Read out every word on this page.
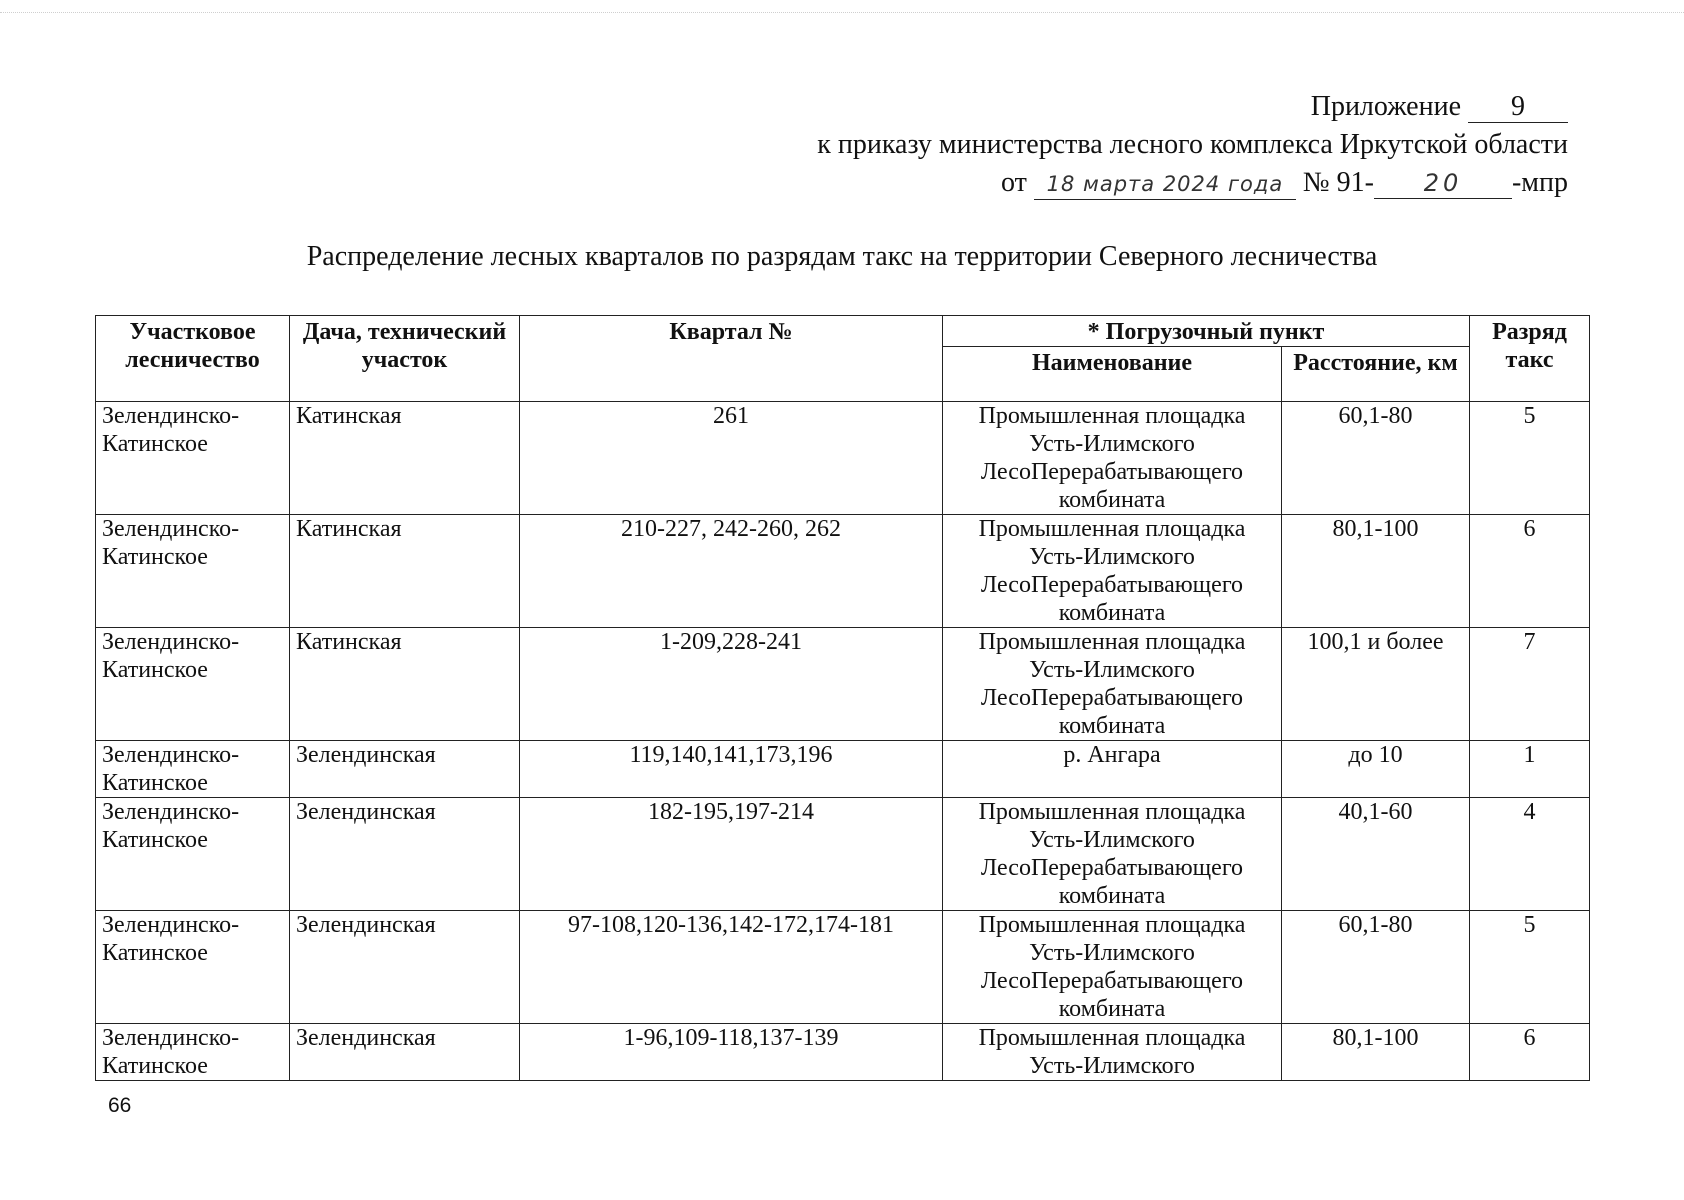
Приложение 9
к приказу министерства лесного комплекса Иркутской области
от 18 марта 2024 года № 91- 20 -мпр
Распределение лесных кварталов по разрядам такс на территории Северного лесничества
Участковое лесничество	Дача, технический участок	Квартал №	* Погрузочный пункт		Разряд такс
			Наименование	Расстояние, км	
Зелендинско-Катинское	Катинская	261	Промышленная площадка Усть-Илимского ЛесоПерерабатывающего комбината	60,1-80	5
Зелендинско-Катинское	Катинская	210-227, 242-260, 262	Промышленная площадка Усть-Илимского ЛесоПерерабатывающего комбината	80,1-100	6
Зелендинско-Катинское	Катинская	1-209,228-241	Промышленная площадка Усть-Илимского ЛесоПерерабатывающего комбината	100,1 и более	7
Зелендинско-Катинское	Зелендинская	119,140,141,173,196	р. Ангара	до 10	1
Зелендинско-Катинское	Зелендинская	182-195,197-214	Промышленная площадка Усть-Илимского ЛесоПерерабатывающего комбината	40,1-60	4
Зелендинско-Катинское	Зелендинская	97-108,120-136,142-172,174-181	Промышленная площадка Усть-Илимского ЛесоПерерабатывающего комбината	60,1-80	5
Зелендинско-Катинское	Зелендинская	1-96,109-118,137-139	Промышленная площадка Усть-Илимского	80,1-100	6
66
